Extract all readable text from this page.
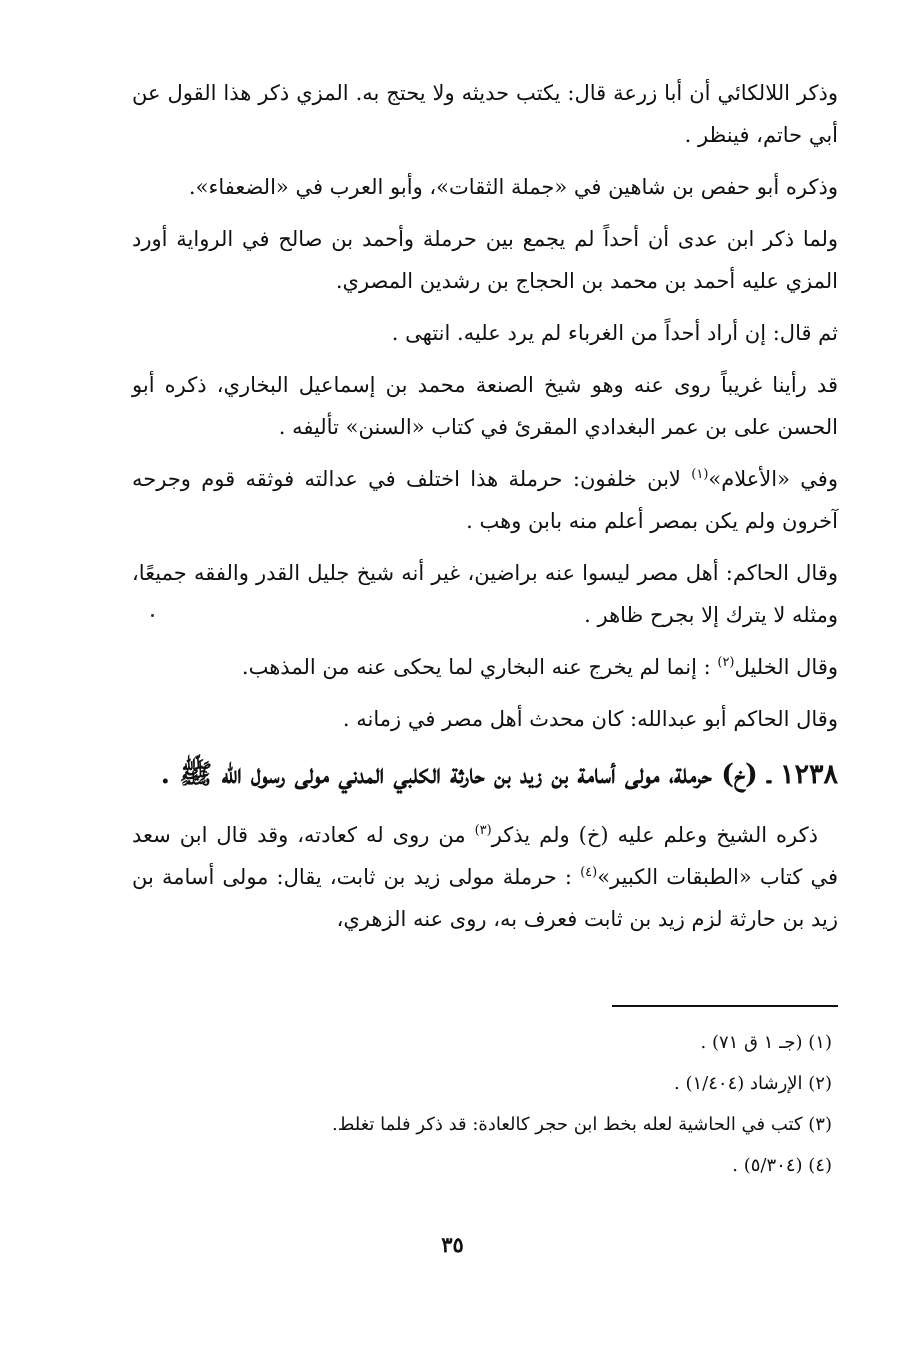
وذكر اللالكائي أن أبا زرعة قال: يكتب حديثه ولا يحتج به. المزي ذكر هذا القول عن أبي حاتم، فينظر .

وذكره أبو حفص بن شاهين في «جملة الثقات»، وأبو العرب في «الضعفاء».

ولما ذكر ابن عدى أن أحداً لم يجمع بين حرملة وأحمد بن صالح في الرواية أورد المزي عليه أحمد بن محمد بن الحجاج بن رشدين المصري.

ثم قال: إن أراد أحداً من الغرباء لم يرد عليه. انتهى .

قد رأينا غريباً روى عنه وهو شيخ الصنعة محمد بن إسماعيل البخاري، ذكره أبو الحسن على بن عمر البغدادي المقرئ في كتاب «السنن» تأليفه .

وفي «الأعلام»$^{(١)}$ لابن خلفون: حرملة هذا اختلف في عدالته فوثقه قوم وجرحه آخرون ولم يكن بمصر أعلم منه بابن وهب .

وقال الحاكم: أهل مصر ليسوا عنه براضين، غير أنه شيخ جليل القدر والفقه جميعًا، ومثله لا يترك إلا بجرح ظاهر .

وقال الخليل$^{(٢)}$ : إنما لم يخرج عنه البخاري لما يحكى عنه من المذهب.

وقال الحاكم أبو عبدالله: كان محدث أهل مصر في زمانه .

١٢٣٨ ـ (خ) حرملة، مولى أسامة بن زيد بن حارثة الكلبي المدني مولى رسول الله ﷺ .

ذكره الشيخ وعلم عليه (خ) ولم يذكر$^{(٣)}$ من روى له كعادته، وقد قال ابن سعد في كتاب «الطبقات الكبير»$^{(٤)}$ : حرملة مولى زيد بن ثابت، يقال: مولى أسامة بن زيد بن حارثة لزم زيد بن ثابت فعرف به، روى عنه الزهري،

(١) (جـ ١ ق ٧١) .
(٢) الإرشاد (١/٤٠٤) .
(٣) كتب في الحاشية لعله بخط ابن حجر كالعادة: قد ذكر فلما تغلط.
(٤) (٥/٣٠٤) .
٣٥
